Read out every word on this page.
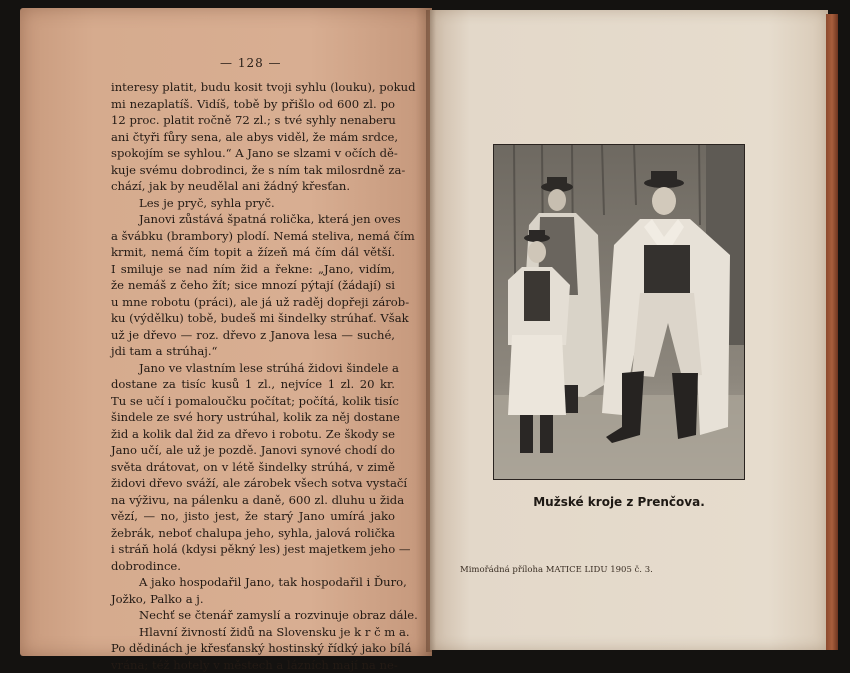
— 128 —
interesy platit, budu kosit tvoji syhlu (louku), pokud
mi nezaplatíš. Vidíš, tobě by přišlo od 600 zl. po
12 proc. platit ročně 72 zl.; s tvé syhly nenaberu
ani čtyři fůry sena, ale abys viděl, že mám srdce,
spokojím se syhlou.“ A Jano se slzami v očích dě-
kuje svému dobrodinci, že s ním tak milosrdně za-
chází, jak by neudělal ani žádný křesťan.
Les je pryč, syhla pryč.
Janovi zůstává špatná rolička, která jen oves
a švábku (brambory) plodí. Nemá steliva, nemá čím
krmit, nemá čím topit a žízeň má čím dál větší.
I smiluje se nad ním žid a řekne: „Jano, vidím,
že nemáš z čeho žít; sice mnozí pýtají (žádají) si
u mne robotu (práci), ale já už raděj dopřeji zárob-
ku (výdělku) tobě, budeš mi šindelky strúhať. Však
už je dřevo — roz. dřevo z Janova lesa — suché,
jdi tam a strúhaj.“
Jano ve vlastním lese strúhá židovi šindele a
dostane za tisíc kusů 1 zl., nejvíce 1 zl. 20 kr.
Tu se učí i pomaloučku počítat; počítá, kolik tisíc
šindele ze své hory ustrúhal, kolik za něj dostane
žid a kolik dal žid za dřevo i robotu. Ze škody se
Jano učí, ale už je pozdě. Janovi synové chodí do
světa drátovat, on v létě šindelky strúhá, v zimě
židovi dřevo sváží, ale zárobek všech sotva vystačí
na výživu, na pálenku a daně, 600 zl. dluhu u žida
vězí, — no, jisto jest, že starý Jano umírá jako
žebrák, neboť chalupa jeho, syhla, jalová rolička
i stráň holá (kdysi pěkný les) jest majetkem jeho —
dobrodince.
A jako hospodařil Jano, tak hospodařil i Ďuro,
Jožko, Palko a j.
Nechť se čtenář zamyslí a rozvinuje obraz dále.
Hlavní živností židů na Slovensku je k r č m a.
Po dědinách je křesťanský hostinský řídký jako bílá
vrána; též hotely v městech a lázních mají na ne-
Mužské kroje z Prenčova.
Mimořádná příloha MATICE LIDU 1905 č. 3.
